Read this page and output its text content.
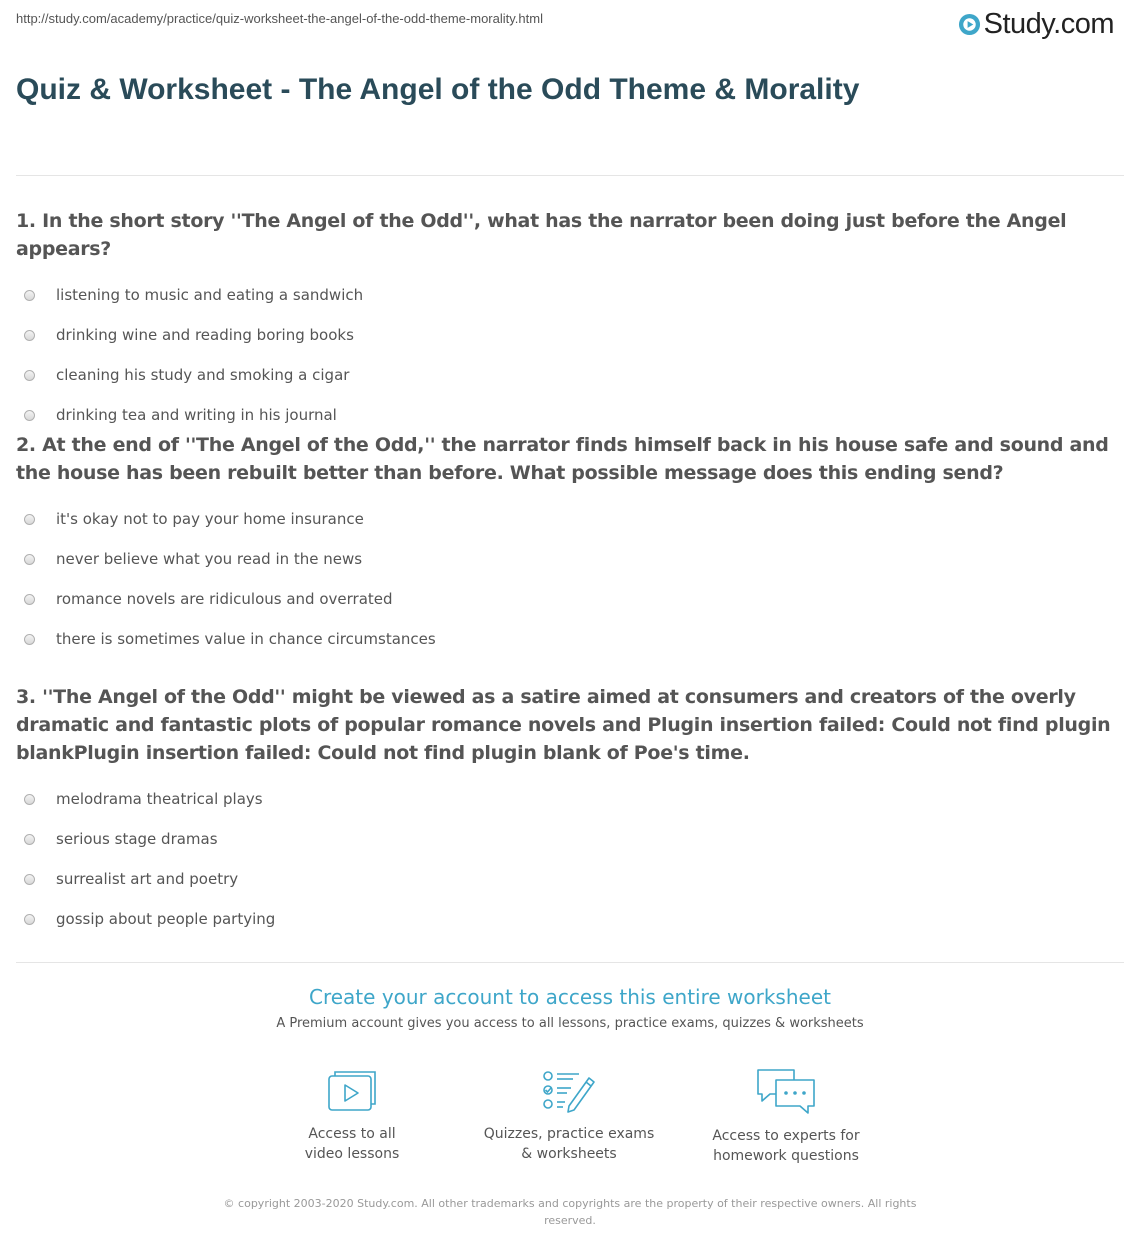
http://study.com/academy/practice/quiz-worksheet-the-angel-of-the-odd-theme-morality.html	Study.com
Quiz & Worksheet - The Angel of the Odd Theme & Morality

1. In the short story ''The Angel of the Odd'', what has the narrator been doing just before the Angel appears?

listening to music and eating a sandwich
drinking wine and reading boring books
cleaning his study and smoking a cigar
drinking tea and writing in his journal

2. At the end of ''The Angel of the Odd,'' the narrator finds himself back in his house safe and sound and the house has been rebuilt better than before. What possible message does this ending send?

it's okay not to pay your home insurance
never believe what you read in the news
romance novels are ridiculous and overrated
there is sometimes value in chance circumstances

3. ''The Angel of the Odd'' might be viewed as a satire aimed at consumers and creators of the overly dramatic and fantastic plots of popular romance novels and Plugin insertion failed: Could not find plugin blankPlugin insertion failed: Could not find plugin blank of Poe's time.

melodrama theatrical plays
serious stage dramas
surrealist art and poetry
gossip about people partying

Create your account to access this entire worksheet

A Premium account gives you access to all lessons, practice exams, quizzes & worksheets
Access to all
video lessons
Quizzes, practice exams
& worksheets
Access to experts for
homework questions
© copyright 2003-2020 Study.com. All other trademarks and copyrights are the property of their respective owners. All rights reserved.
